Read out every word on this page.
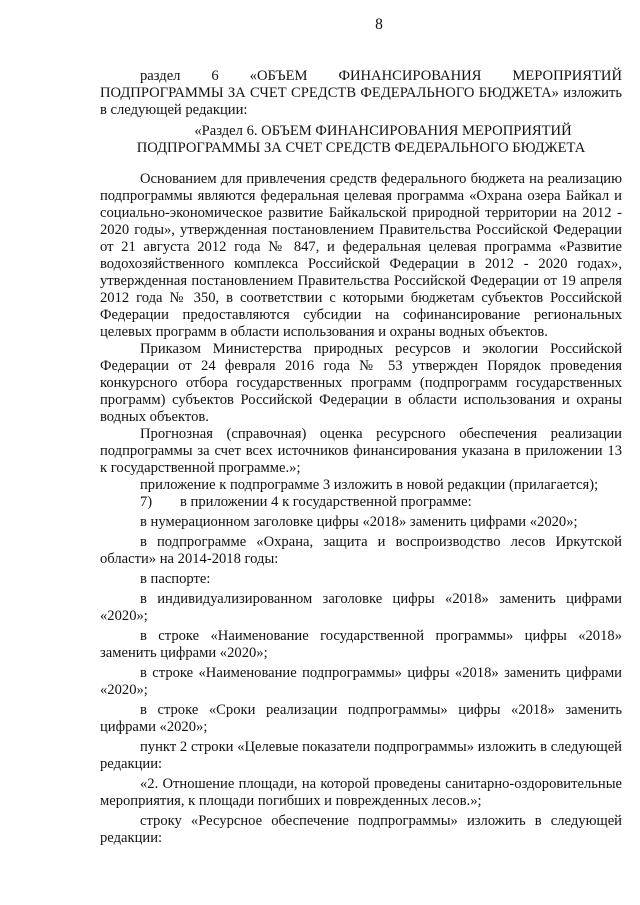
8

раздел 6 «ОБЪЕМ ФИНАНСИРОВАНИЯ МЕРОПРИЯТИЙ ПОДПРОГРАММЫ ЗА СЧЕТ СРЕДСТВ ФЕДЕРАЛЬНОГО БЮДЖЕТА» изложить в следующей редакции:

«Раздел 6. ОБЪЕМ ФИНАНСИРОВАНИЯ МЕРОПРИЯТИЙ
ПОДПРОГРАММЫ ЗА СЧЕТ СРЕДСТВ ФЕДЕРАЛЬНОГО БЮДЖЕТА

Основанием для привлечения средств федерального бюджета на реализацию подпрограммы являются федеральная целевая программа «Охрана озера Байкал и социально-экономическое развитие Байкальской природной территории на 2012 - 2020 годы», утвержденная постановлением Правительства Российской Федерации от 21 августа 2012 года № 847, и федеральная целевая программа «Развитие водохозяйственного комплекса Российской Федерации в 2012 - 2020 годах», утвержденная постановлением Правительства Российской Федерации от 19 апреля 2012 года № 350, в соответствии с которыми бюджетам субъектов Российской Федерации предоставляются субсидии на софинансирование региональных целевых программ в области использования и охраны водных объектов.

Приказом Министерства природных ресурсов и экологии Российской Федерации от 24 февраля 2016 года № 53 утвержден Порядок проведения конкурсного отбора государственных программ (подпрограмм государственных программ) субъектов Российской Федерации в области использования и охраны водных объектов.

Прогнозная (справочная) оценка ресурсного обеспечения реализации подпрограммы за счет всех источников финансирования указана в приложении 13 к государственной программе.»;

приложение к подпрограмме 3 изложить в новой редакции (прилагается);

7)	в приложении 4 к государственной программе:

в нумерационном заголовке цифры «2018» заменить цифрами «2020»;

в подпрограмме «Охрана, защита и воспроизводство лесов Иркутской области» на 2014-2018 годы:

в паспорте:

в индивидуализированном заголовке цифры «2018» заменить цифрами «2020»;

в строке «Наименование государственной программы» цифры «2018» заменить цифрами «2020»;

в строке «Наименование подпрограммы» цифры «2018» заменить цифрами «2020»;

в строке «Сроки реализации подпрограммы» цифры «2018» заменить цифрами «2020»;

пункт 2 строки «Целевые показатели подпрограммы» изложить в следующей редакции:

«2. Отношение площади, на которой проведены санитарно-оздоровительные мероприятия, к площади погибших и поврежденных лесов.»;

строку «Ресурсное обеспечение подпрограммы» изложить в следующей редакции:
